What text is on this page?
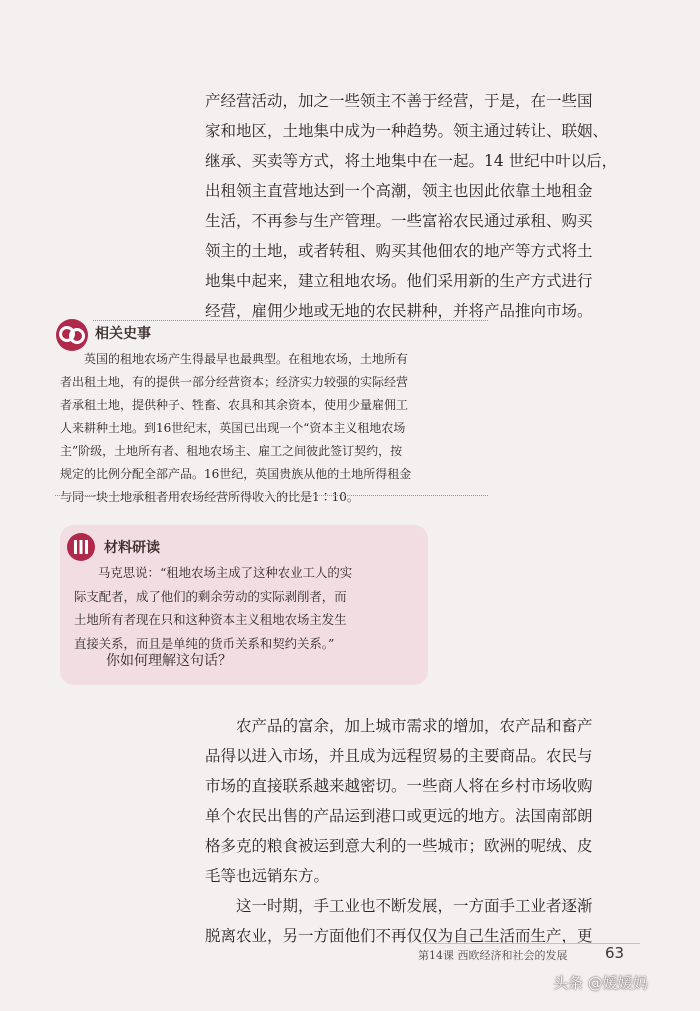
产经营活动，加之一些领主不善于经营，于是，在一些国
家和地区，土地集中成为一种趋势。领主通过转让、联姻、
继承、买卖等方式，将土地集中在一起。14 世纪中叶以后，
出租领主直营地达到一个高潮，领主也因此依靠土地租金
生活，不再参与生产管理。一些富裕农民通过承租、购买
领主的土地，或者转租、购买其他佃农的地产等方式将土
地集中起来，建立租地农场。他们采用新的生产方式进行
经营，雇佣少地或无地的农民耕种，并将产品推向市场。
相关史事
英国的租地农场产生得最早也最典型。在租地农场，土地所有
者出租土地，有的提供一部分经营资本；经济实力较强的实际经营
者承租土地，提供种子、牲畜、农具和其余资本，使用少量雇佣工
人来耕种土地。到16世纪末，英国已出现一个“资本主义租地农场
主”阶级，土地所有者、租地农场主、雇工之间彼此签订契约，按
规定的比例分配全部产品。16世纪，英国贵族从他的土地所得租金
与同一块土地承租者用农场经营所得收入的比是1∶10。
材料研读
马克思说：“租地农场主成了这种农业工人的实
际支配者，成了他们的剩余劳动的实际剥削者，而
土地所有者现在只和这种资本主义租地农场主发生
直接关系，而且是单纯的货币关系和契约关系。”
你如何理解这句话？
农产品的富余，加上城市需求的增加，农产品和畜产
品得以进入市场，并且成为远程贸易的主要商品。农民与
市场的直接联系越来越密切。一些商人将在乡村市场收购
单个农民出售的产品运到港口或更远的地方。法国南部朗
格多克的粮食被运到意大利的一些城市；欧洲的呢绒、皮
毛等也远销东方。
这一时期，手工业也不断发展，一方面手工业者逐渐
脱离农业，另一方面他们不再仅仅为自己生活而生产，更
第14课 西欧经济和社会的发展	63
头条 @媛媛妈
